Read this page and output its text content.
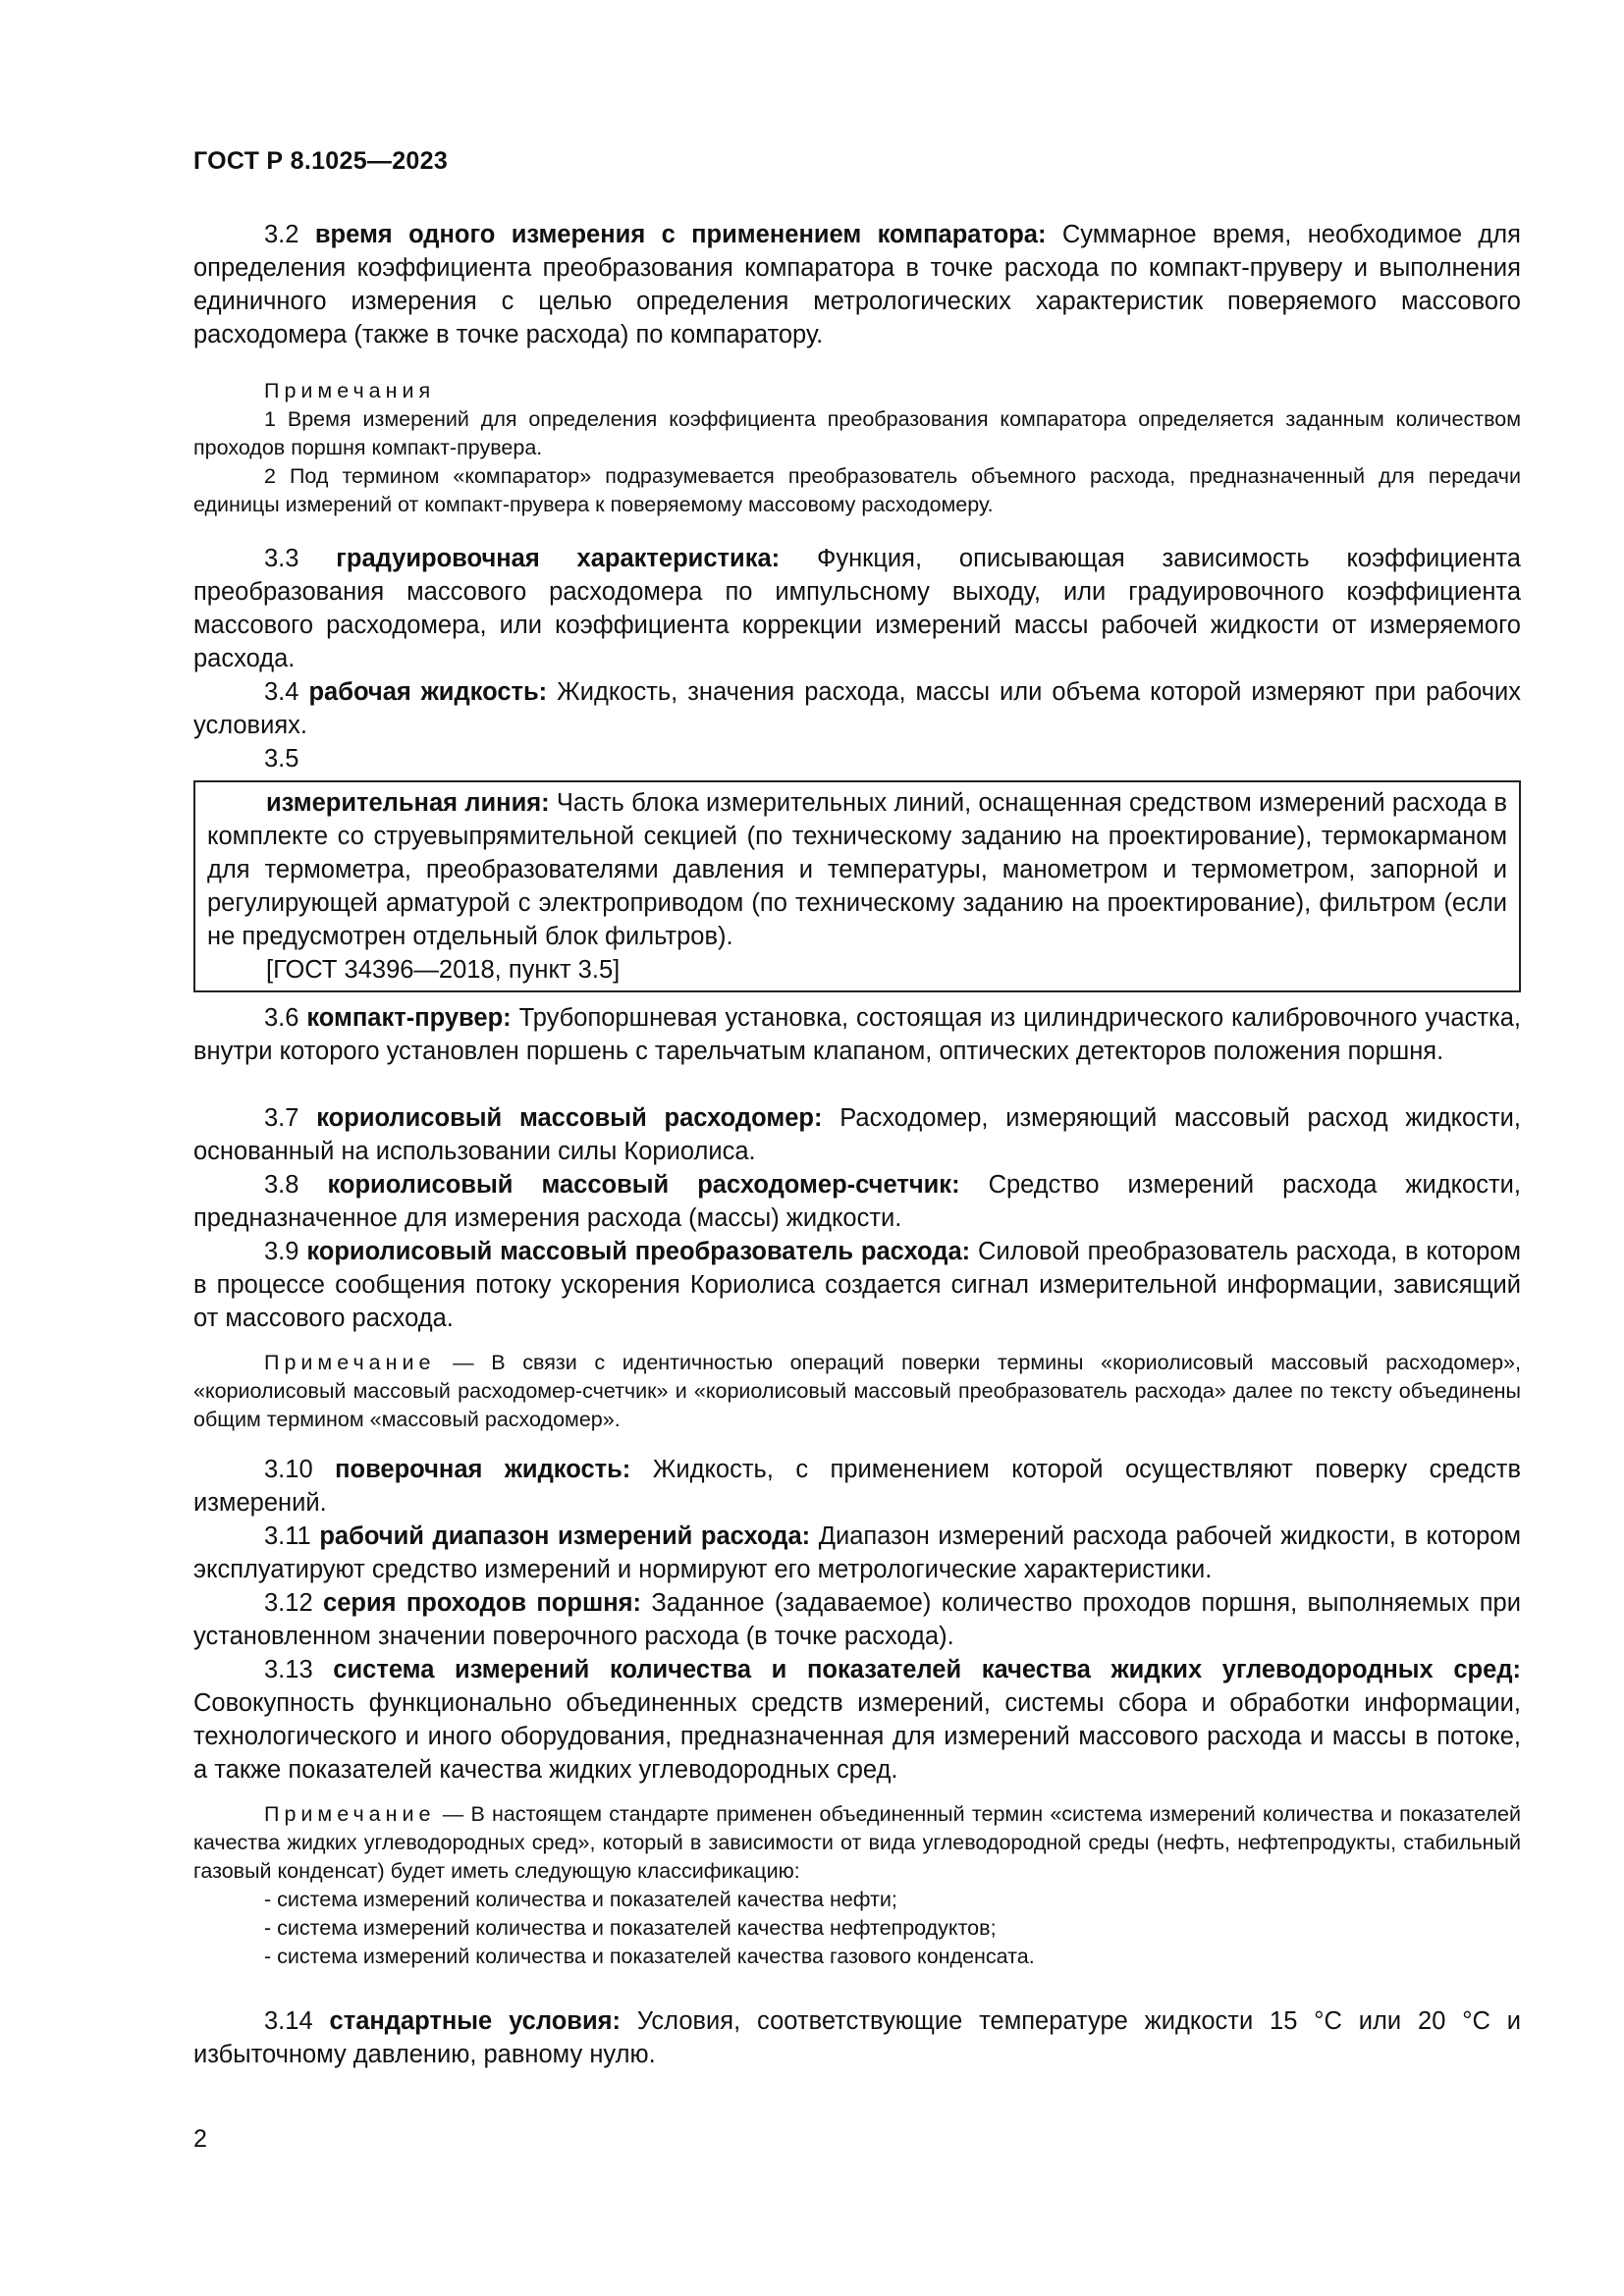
ГОСТ Р 8.1025—2023

3.2 время одного измерения с применением компаратора: Суммарное время, необходимое для определения коэффициента преобразования компаратора в точке расхода по компакт-пруверу и выполнения единичного измерения с целью определения метрологических характеристик поверяемого массового расходомера (также в точке расхода) по компаратору.

Примечания

1 Время измерений для определения коэффициента преобразования компаратора определяется заданным количеством проходов поршня компакт-прувера.

2 Под термином «компаратор» подразумевается преобразователь объемного расхода, предназначенный для передачи единицы измерений от компакт-прувера к поверяемому массовому расходомеру.

3.3 градуировочная характеристика: Функция, описывающая зависимость коэффициента преобразования массового расходомера по импульсному выходу, или градуировочного коэффициента массового расходомера, или коэффициента коррекции измерений массы рабочей жидкости от измеряемого расхода.

3.4 рабочая жидкость: Жидкость, значения расхода, массы или объема которой измеряют при рабочих условиях.

3.5

измерительная линия: Часть блока измерительных линий, оснащенная средством измерений расхода в комплекте со струевыпрямительной секцией (по техническому заданию на проектирование), термокарманом для термометра, преобразователями давления и температуры, манометром и термометром, запорной и регулирующей арматурой с электроприводом (по техническому заданию на проектирование), фильтром (если не предусмотрен отдельный блок фильтров).

[ГОСТ 34396—2018, пункт 3.5]

3.6 компакт-прувер: Трубопоршневая установка, состоящая из цилиндрического калибровочного участка, внутри которого установлен поршень с тарельчатым клапаном, оптических детекторов положения поршня.

3.7 кориолисовый массовый расходомер: Расходомер, измеряющий массовый расход жидкости, основанный на использовании силы Кориолиса.

3.8 кориолисовый массовый расходомер-счетчик: Средство измерений расхода жидкости, предназначенное для измерения расхода (массы) жидкости.

3.9 кориолисовый массовый преобразователь расхода: Силовой преобразователь расхода, в котором в процессе сообщения потоку ускорения Кориолиса создается сигнал измерительной информации, зависящий от массового расхода.

Примечание — В связи с идентичностью операций поверки термины «кориолисовый массовый расходомер», «кориолисовый массовый расходомер-счетчик» и «кориолисовый массовый преобразователь расхода» далее по тексту объединены общим термином «массовый расходомер».

3.10 поверочная жидкость: Жидкость, с применением которой осуществляют поверку средств измерений.

3.11 рабочий диапазон измерений расхода: Диапазон измерений расхода рабочей жидкости, в котором эксплуатируют средство измерений и нормируют его метрологические характеристики.

3.12 серия проходов поршня: Заданное (задаваемое) количество проходов поршня, выполняемых при установленном значении поверочного расхода (в точке расхода).

3.13 система измерений количества и показателей качества жидких углеводородных сред: Совокупность функционально объединенных средств измерений, системы сбора и обработки информации, технологического и иного оборудования, предназначенная для измерений массового расхода и массы в потоке, а также показателей качества жидких углеводородных сред.

Примечание — В настоящем стандарте применен объединенный термин «система измерений количества и показателей качества жидких углеводородных сред», который в зависимости от вида углеводородной среды (нефть, нефтепродукты, стабильный газовый конденсат) будет иметь следующую классификацию:

- система измерений количества и показателей качества нефти;

- система измерений количества и показателей качества нефтепродуктов;

- система измерений количества и показателей качества газового конденсата.

3.14 стандартные условия: Условия, соответствующие температуре жидкости 15 °С или 20 °С и избыточному давлению, равному нулю.

2
